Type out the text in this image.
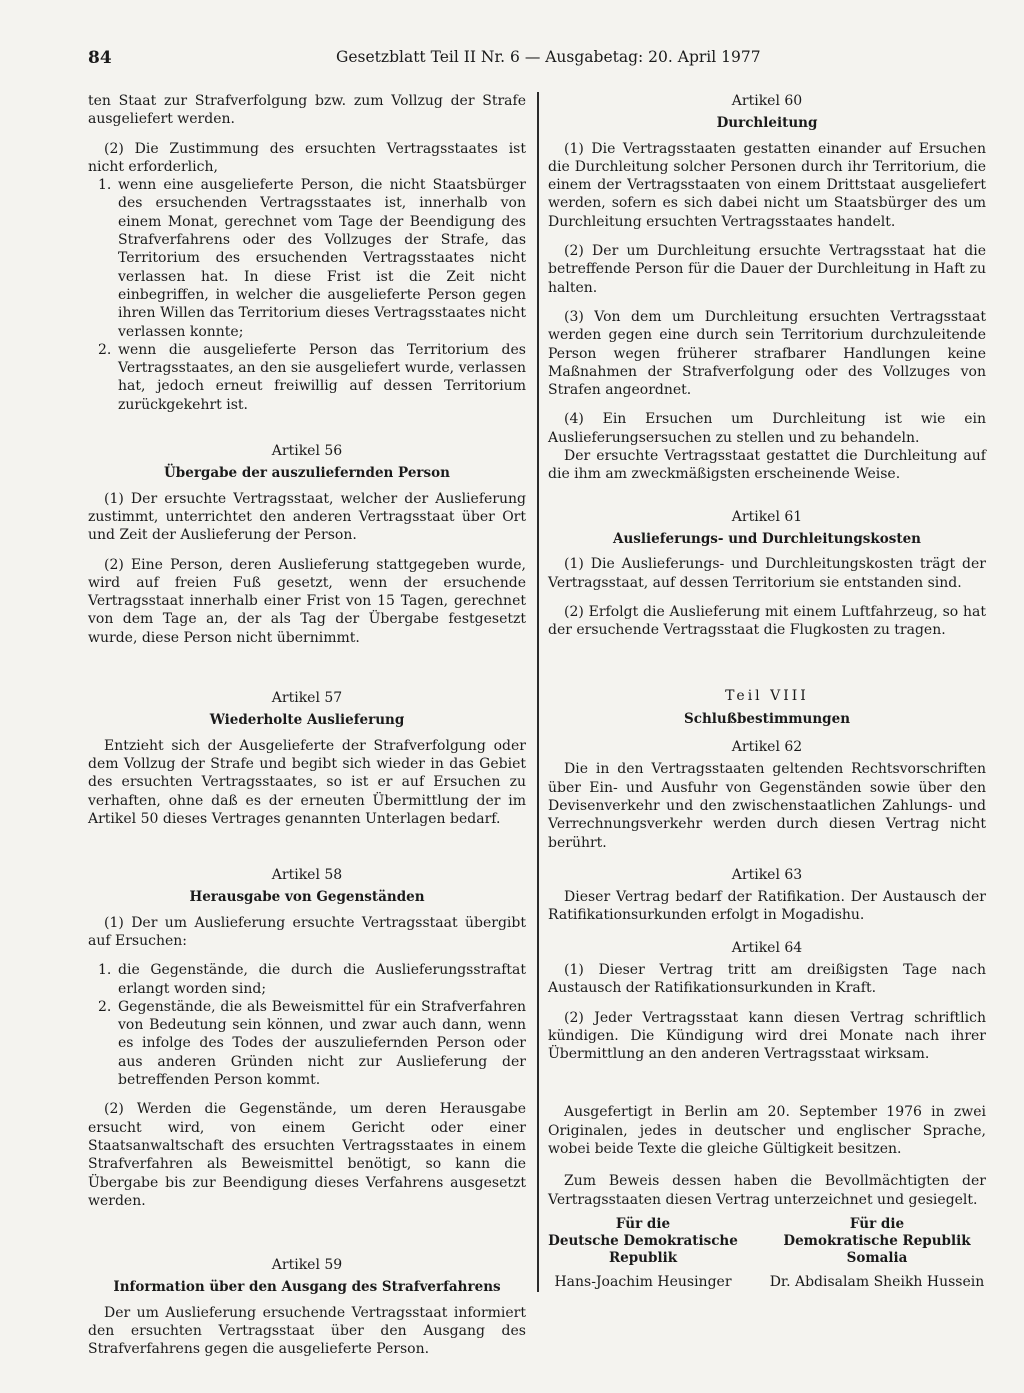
84	Gesetzblatt Teil II Nr. 6 — Ausgabetag: 20. April 1977

ten Staat zur Strafverfolgung bzw. zum Vollzug der Strafe ausgeliefert werden.

(2) Die Zustimmung des ersuchten Vertragsstaates ist nicht erforderlich,

1. wenn eine ausgelieferte Person, die nicht Staatsbürger des ersuchenden Vertragsstaates ist, innerhalb von einem Monat, gerechnet vom Tage der Beendigung des Strafverfahrens oder des Vollzuges der Strafe, das Territorium des ersuchenden Vertragsstaates nicht verlassen hat. In diese Frist ist die Zeit nicht einbegriffen, in welcher die ausgelieferte Person gegen ihren Willen das Territorium dieses Vertragsstaates nicht verlassen konnte;
2. wenn die ausgelieferte Person das Territorium des Vertragsstaates, an den sie ausgeliefert wurde, verlassen hat, jedoch erneut freiwillig auf dessen Territorium zurückgekehrt ist.

Artikel 56

Übergabe der auszuliefernden Person

(1) Der ersuchte Vertragsstaat, welcher der Auslieferung zustimmt, unterrichtet den anderen Vertragsstaat über Ort und Zeit der Auslieferung der Person.

(2) Eine Person, deren Auslieferung stattgegeben wurde, wird auf freien Fuß gesetzt, wenn der ersuchende Vertragsstaat innerhalb einer Frist von 15 Tagen, gerechnet von dem Tage an, der als Tag der Übergabe festgesetzt wurde, diese Person nicht übernimmt.

Artikel 57

Wiederholte Auslieferung

Entzieht sich der Ausgelieferte der Strafverfolgung oder dem Vollzug der Strafe und begibt sich wieder in das Gebiet des ersuchten Vertragsstaates, so ist er auf Ersuchen zu verhaften, ohne daß es der erneuten Übermittlung der im Artikel 50 dieses Vertrages genannten Unterlagen bedarf.

Artikel 58

Herausgabe von Gegenständen

(1) Der um Auslieferung ersuchte Vertragsstaat übergibt auf Ersuchen:

1. die Gegenstände, die durch die Auslieferungsstraftat erlangt worden sind;
2. Gegenstände, die als Beweismittel für ein Strafverfahren von Bedeutung sein können, und zwar auch dann, wenn es infolge des Todes der auszuliefernden Person oder aus anderen Gründen nicht zur Auslieferung der betreffenden Person kommt.

(2) Werden die Gegenstände, um deren Herausgabe ersucht wird, von einem Gericht oder einer Staatsanwaltschaft des ersuchten Vertragsstaates in einem Strafverfahren als Beweismittel benötigt, so kann die Übergabe bis zur Beendigung dieses Verfahrens ausgesetzt werden.

Artikel 59

Information über den Ausgang des Strafverfahrens

Der um Auslieferung ersuchende Vertragsstaat informiert den ersuchten Vertragsstaat über den Ausgang des Strafverfahrens gegen die ausgelieferte Person.

Artikel 60

Durchleitung

(1) Die Vertragsstaaten gestatten einander auf Ersuchen die Durchleitung solcher Personen durch ihr Territorium, die einem der Vertragsstaaten von einem Drittstaat ausgeliefert werden, sofern es sich dabei nicht um Staatsbürger des um Durchleitung ersuchten Vertragsstaates handelt.

(2) Der um Durchleitung ersuchte Vertragsstaat hat die betreffende Person für die Dauer der Durchleitung in Haft zu halten.

(3) Von dem um Durchleitung ersuchten Vertragsstaat werden gegen eine durch sein Territorium durchzuleitende Person wegen früherer strafbarer Handlungen keine Maßnahmen der Strafverfolgung oder des Vollzuges von Strafen angeordnet.

(4) Ein Ersuchen um Durchleitung ist wie ein Auslieferungsersuchen zu stellen und zu behandeln.

Der ersuchte Vertragsstaat gestattet die Durchleitung auf die ihm am zweckmäßigsten erscheinende Weise.

Artikel 61

Auslieferungs- und Durchleitungskosten

(1) Die Auslieferungs- und Durchleitungskosten trägt der Vertragsstaat, auf dessen Territorium sie entstanden sind.

(2) Erfolgt die Auslieferung mit einem Luftfahrzeug, so hat der ersuchende Vertragsstaat die Flugkosten zu tragen.

Teil VIII

Schlußbestimmungen

Artikel 62

Die in den Vertragsstaaten geltenden Rechtsvorschriften über Ein- und Ausfuhr von Gegenständen sowie über den Devisenverkehr und den zwischenstaatlichen Zahlungs- und Verrechnungsverkehr werden durch diesen Vertrag nicht berührt.

Artikel 63

Dieser Vertrag bedarf der Ratifikation. Der Austausch der Ratifikationsurkunden erfolgt in Mogadishu.

Artikel 64

(1) Dieser Vertrag tritt am dreißigsten Tage nach Austausch der Ratifikationsurkunden in Kraft.

(2) Jeder Vertragsstaat kann diesen Vertrag schriftlich kündigen. Die Kündigung wird drei Monate nach ihrer Übermittlung an den anderen Vertragsstaat wirksam.

Ausgefertigt in Berlin am 20. September 1976 in zwei Originalen, jedes in deutscher und englischer Sprache, wobei beide Texte die gleiche Gültigkeit besitzen.

Zum Beweis dessen haben die Bevollmächtigten der Vertragsstaaten diesen Vertrag unterzeichnet und gesiegelt.

Für die
Deutsche Demokratische Republik
Hans-Joachim Heusinger
Für die
Demokratische Republik Somalia
Dr. Abdisalam Sheikh Hussein
